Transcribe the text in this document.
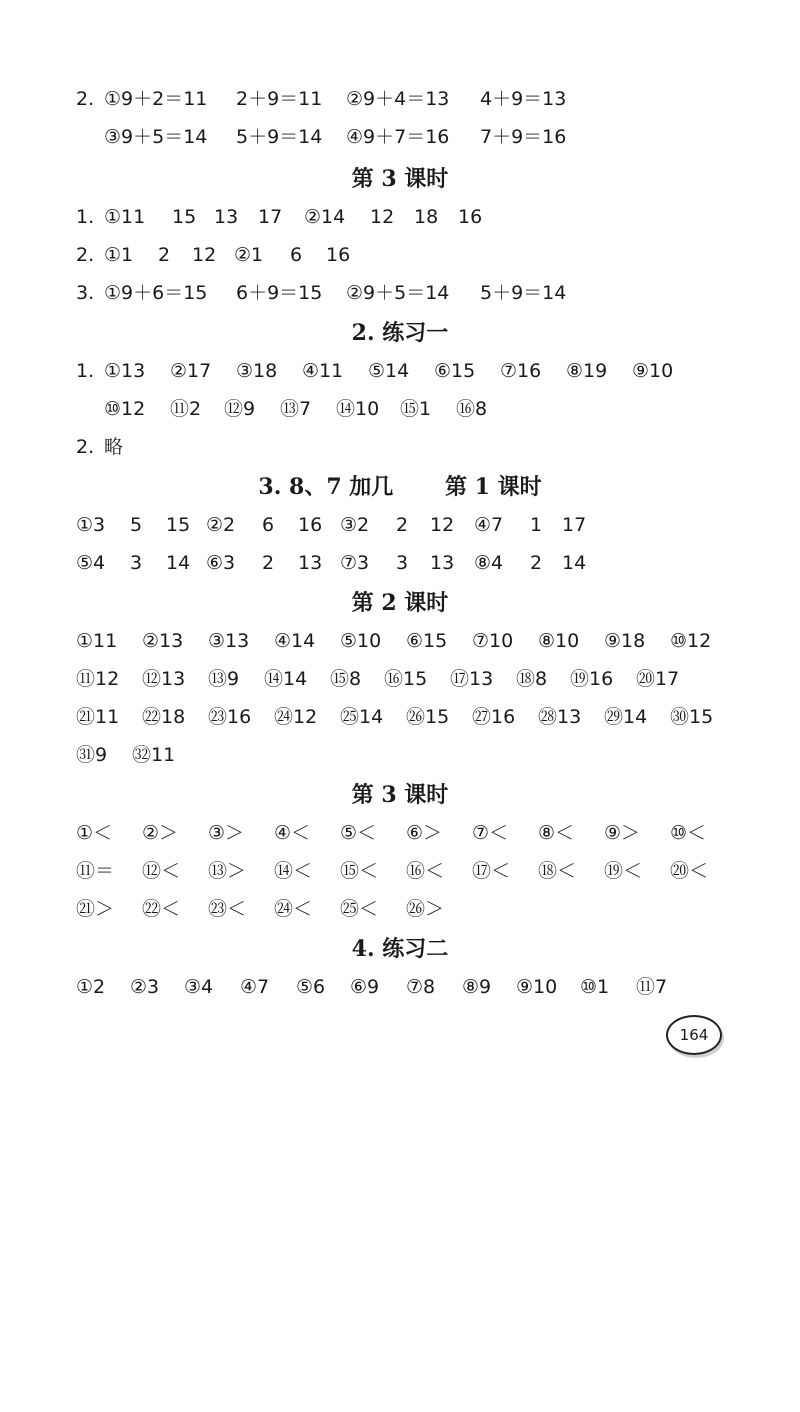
2.

①9＋2＝11

2＋9＝11

②9＋4＝13

4＋9＝13

③9＋5＝14

5＋9＝14

④9＋7＝16

7＋9＝16

第 3 课时

1.

①11

15

13

17

②14

12

18

16

2.

①1

2

12

②1

6

16

3.

①9＋6＝15

6＋9＝15

②9＋5＝14

5＋9＝14

2. 练习一

1.

①13

②17

③18

④11

⑤14

⑥15

⑦16

⑧19

⑨10

⑩12

⑪2

⑫9

⑬7

⑭10

⑮1

⑯8

2.

略

3. 8、7 加几　　 第 1 课时

①3

5

15

②2

6

16

③2

2

12

④7

1

17

⑤4

3

14

⑥3

2

13

⑦3

3

13

⑧4

2

14

第 2 课时

①11

②13

③13

④14

⑤10

⑥15

⑦10

⑧10

⑨18

⑩12

⑪12

⑫13

⑬9

⑭14

⑮8

⑯15

⑰13

⑱8

⑲16

⑳17

㉑11

㉒18

㉓16

㉔12

㉕14

㉖15

㉗16

㉘13

㉙14

㉚15

㉛9

㉜11

第 3 课时

①＜

②＞

③＞

④＜

⑤＜

⑥＞

⑦＜

⑧＜

⑨＞

⑩＜

⑪＝

⑫＜

⑬＞

⑭＜

⑮＜

⑯＜

⑰＜

⑱＜

⑲＜

⑳＜

㉑＞

㉒＜

㉓＜

㉔＜

㉕＜

㉖＞

4. 练习二

①2

②3

③4

④7

⑤6

⑥9

⑦8

⑧9

⑨10

⑩1

⑪7

164
